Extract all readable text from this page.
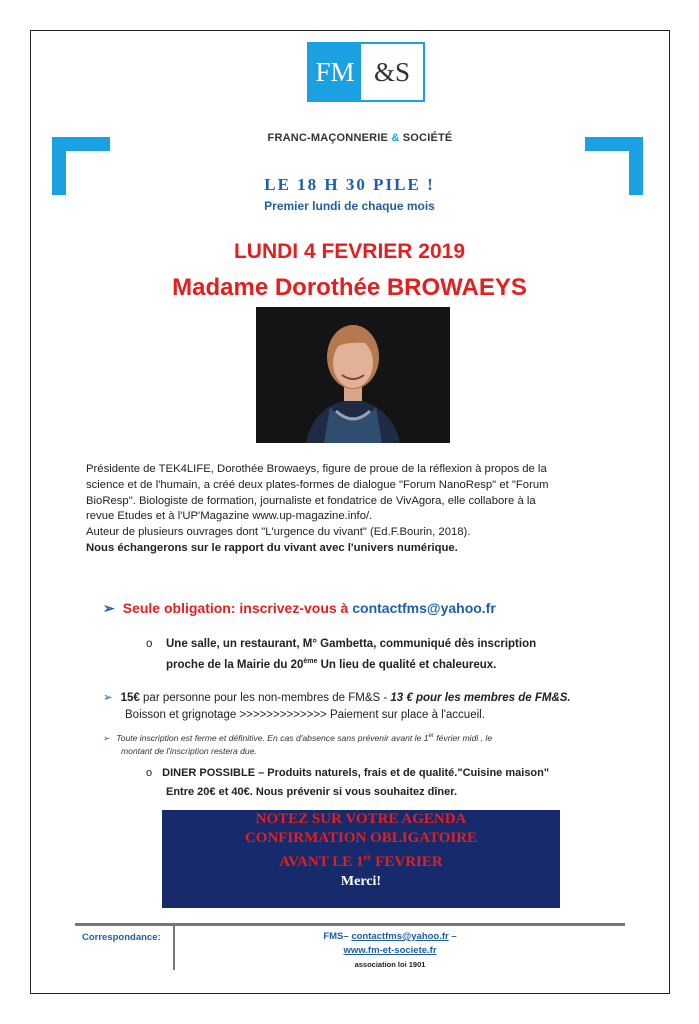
FM &S
FRANC-MAÇONNERIE & SOCIÉTÉ
LE 18 H 30 PILE !
Premier lundi de chaque mois
LUNDI 4 FEVRIER 2019
Madame Dorothée BROWAEYS

Présidente de TEK4LIFE, Dorothée Browaeys, figure de proue de la réflexion à propos de la

science et de l'humain, a créé deux plates-formes de dialogue "Forum NanoResp" et "Forum

BioResp". Biologiste de formation, journaliste et fondatrice de VivAgora, elle collabore à la

revue Etudes et à l'UP'Magazine www.up-magazine.info/.

Auteur de plusieurs ouvrages dont "L'urgence du vivant" (Ed.F.Bourin, 2018).

Nous échangerons sur le rapport du vivant avec l'univers numérique.

➢ Seule obligation: inscrivez-vous à contactfms@yahoo.fr
o Une salle, un restaurant, M° Gambetta, communiqué dès inscription
proche de la Mairie du 20ème Un lieu de qualité et chaleureux.
➢ 15€ par personne pour les non-membres de FM&S - 13 € pour les membres de FM&S.
Boisson et grignotage >>>>>>>>>>>>> Paiement sur place à l'accueil.
➢ Toute inscription est ferme et définitive. En cas d'absence sans prévenir avant le 1er février midi , le
montant de l'inscription restera due.
o DINER POSSIBLE – Produits naturels, frais et de qualité."Cuisine maison"
Entre 20€ et 40€. Nous prévenir si vous souhaitez dîner.
NOTEZ SUR VOTRE AGENDA
CONFIRMATION OBLIGATOIRE
AVANT LE 1er FEVRIER
Merci!
Correspondance:	FMS– contactfms@yahoo.fr –
www.fm-et-societe.fr
association loi 1901
